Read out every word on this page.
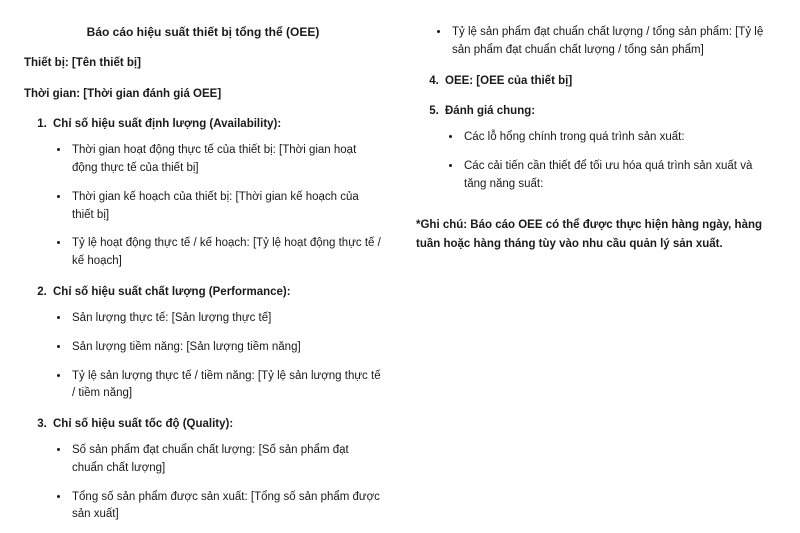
Báo cáo hiệu suất thiết bị tổng thể (OEE)
Thiết bị: [Tên thiết bị]
Thời gian: [Thời gian đánh giá OEE]
1. Chỉ số hiệu suất định lượng (Availability):
• Thời gian hoạt động thực tế của thiết bị: [Thời gian hoạt động thực tế của thiết bị]
• Thời gian kế hoạch của thiết bị: [Thời gian kế hoạch của thiết bị]
• Tỷ lệ hoạt động thực tế / kế hoạch: [Tỷ lệ hoạt động thực tế / kế hoạch]
2. Chỉ số hiệu suất chất lượng (Performance):
• Sản lượng thực tế: [Sản lượng thực tế]
• Sản lượng tiềm năng: [Sản lượng tiềm năng]
• Tỷ lệ sản lượng thực tế / tiềm năng: [Tỷ lệ sản lượng thực tế / tiềm năng]
3. Chỉ số hiệu suất tốc độ (Quality):
• Số sản phẩm đạt chuẩn chất lượng: [Số sản phẩm đạt chuẩn chất lượng]
• Tổng số sản phẩm được sản xuất: [Tổng số sản phẩm được sản xuất]
• Tỷ lệ sản phẩm đạt chuẩn chất lượng / tổng sản phẩm: [Tỷ lệ sản phẩm đạt chuẩn chất lượng / tổng sản phẩm]
4. OEE: [OEE của thiết bị]
5. Đánh giá chung:
• Các lỗ hổng chính trong quá trình sản xuất:
• Các cải tiến cần thiết để tối ưu hóa quá trình sản xuất và tăng năng suất:
*Ghi chú: Báo cáo OEE có thể được thực hiện hàng ngày, hàng tuần hoặc hàng tháng tùy vào nhu cầu quản lý sản xuất.
